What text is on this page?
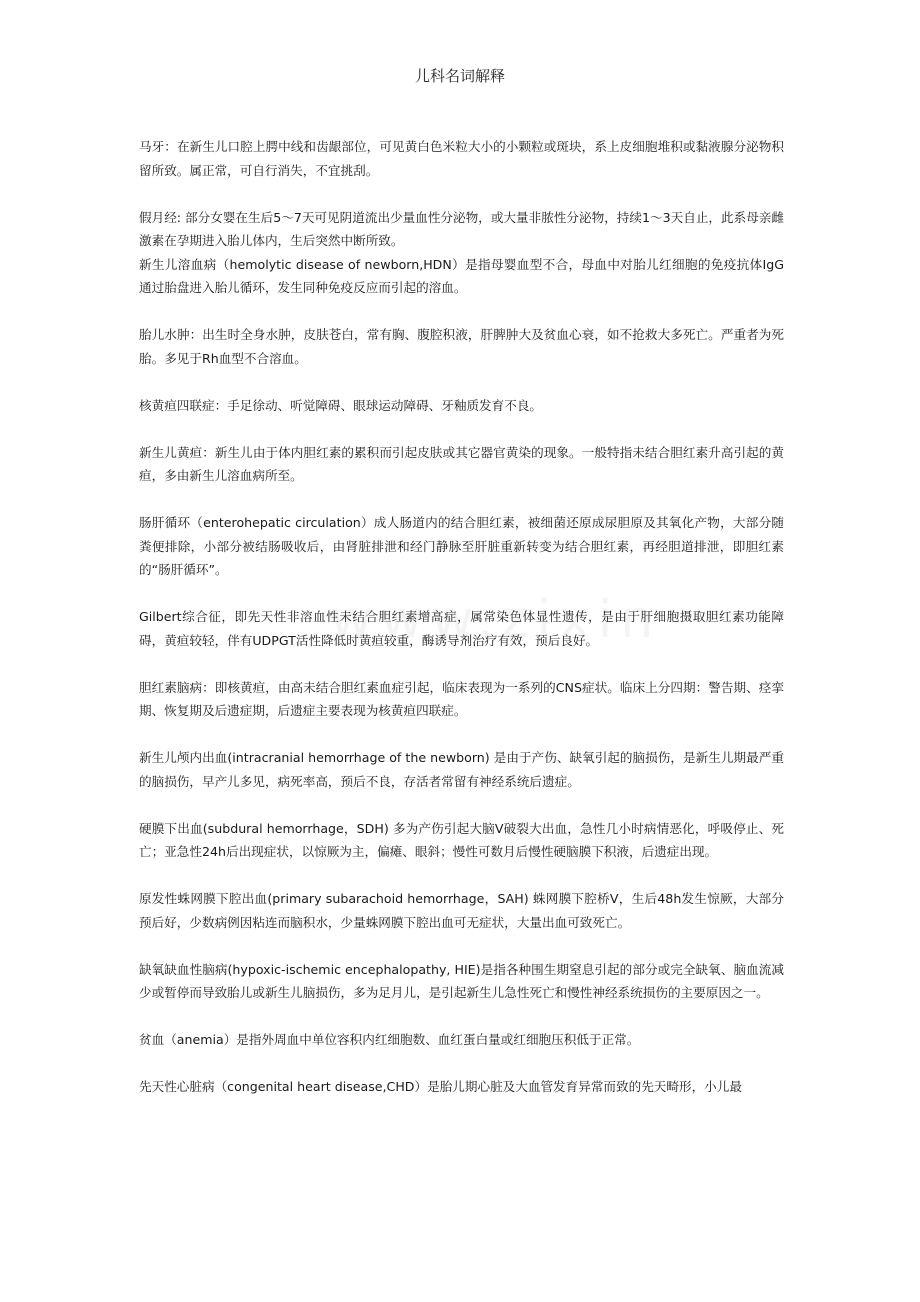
儿科名词解释

马牙：在新生儿口腔上腭中线和齿龈部位，可见黄白色米粒大小的小颗粒或斑块，系上皮细胞堆积或黏液腺分泌物积留所致。属正常，可自行消失，不宜挑刮。

假月经: 部分女婴在生后5～7天可见阴道流出少量血性分泌物，或大量非脓性分泌物，持续1～3天自止，此系母亲雌激素在孕期进入胎儿体内，生后突然中断所致。

新生儿溶血病（hemolytic disease of newborn,HDN）是指母婴血型不合，母血中对胎儿红细胞的免疫抗体IgG通过胎盘进入胎儿循环，发生同种免疫反应而引起的溶血。

胎儿水肿：出生时全身水肿，皮肤苍白，常有胸、腹腔积液，肝脾肿大及贫血心衰，如不抢救大多死亡。严重者为死胎。多见于Rh血型不合溶血。

核黄疸四联症：手足徐动、听觉障碍、眼球运动障碍、牙釉质发育不良。

新生儿黄疸：新生儿由于体内胆红素的累积而引起皮肤或其它器官黄染的现象。一般特指未结合胆红素升高引起的黄疸，多由新生儿溶血病所至。

肠肝循环（enterohepatic circulation）成人肠道内的结合胆红素，被细菌还原成尿胆原及其氧化产物，大部分随粪便排除，小部分被结肠吸收后，由肾脏排泄和经门静脉至肝脏重新转变为结合胆红素，再经胆道排泄，即胆红素的“肠肝循环”。

Gilbert综合征，即先天性非溶血性未结合胆红素增高症，属常染色体显性遗传，是由于肝细胞摄取胆红素功能障碍，黄疸较轻，伴有UDPGT活性降低时黄疸较重，酶诱导剂治疗有效，预后良好。

胆红素脑病：即核黄疸，由高未结合胆红素血症引起，临床表现为一系列的CNS症状。临床上分四期：警告期、痉挛期、恢复期及后遗症期，后遗症主要表现为核黄疸四联症。

新生儿颅内出血(intracranial hemorrhage of the newborn) 是由于产伤、缺氧引起的脑损伤，是新生儿期最严重的脑损伤，早产儿多见，病死率高，预后不良，存活者常留有神经系统后遗症。

硬膜下出血(subdural hemorrhage，SDH) 多为产伤引起大脑V破裂大出血，急性几小时病情恶化，呼吸停止、死亡；亚急性24h后出现症状，以惊厥为主，偏瘫、眼斜；慢性可数月后慢性硬脑膜下积液，后遗症出现。

原发性蛛网膜下腔出血(primary subarachoid hemorrhage，SAH) 蛛网膜下腔桥V，生后48h发生惊厥，大部分预后好，少数病例因粘连而脑积水，少量蛛网膜下腔出血可无症状，大量出血可致死亡。

缺氧缺血性脑病(hypoxic-ischemic encephalopathy, HIE)是指各种围生期窒息引起的部分或完全缺氧、脑血流减少或暂停而导致胎儿或新生儿脑损伤，多为足月儿，是引起新生儿急性死亡和慢性神经系统损伤的主要原因之一。

贫血（anemia）是指外周血中单位容积内红细胞数、血红蛋白量或红细胞压积低于正常。

先天性心脏病（congenital heart disease,CHD）是胎儿期心脏及大血管发育异常而致的先天畸形，小儿最
